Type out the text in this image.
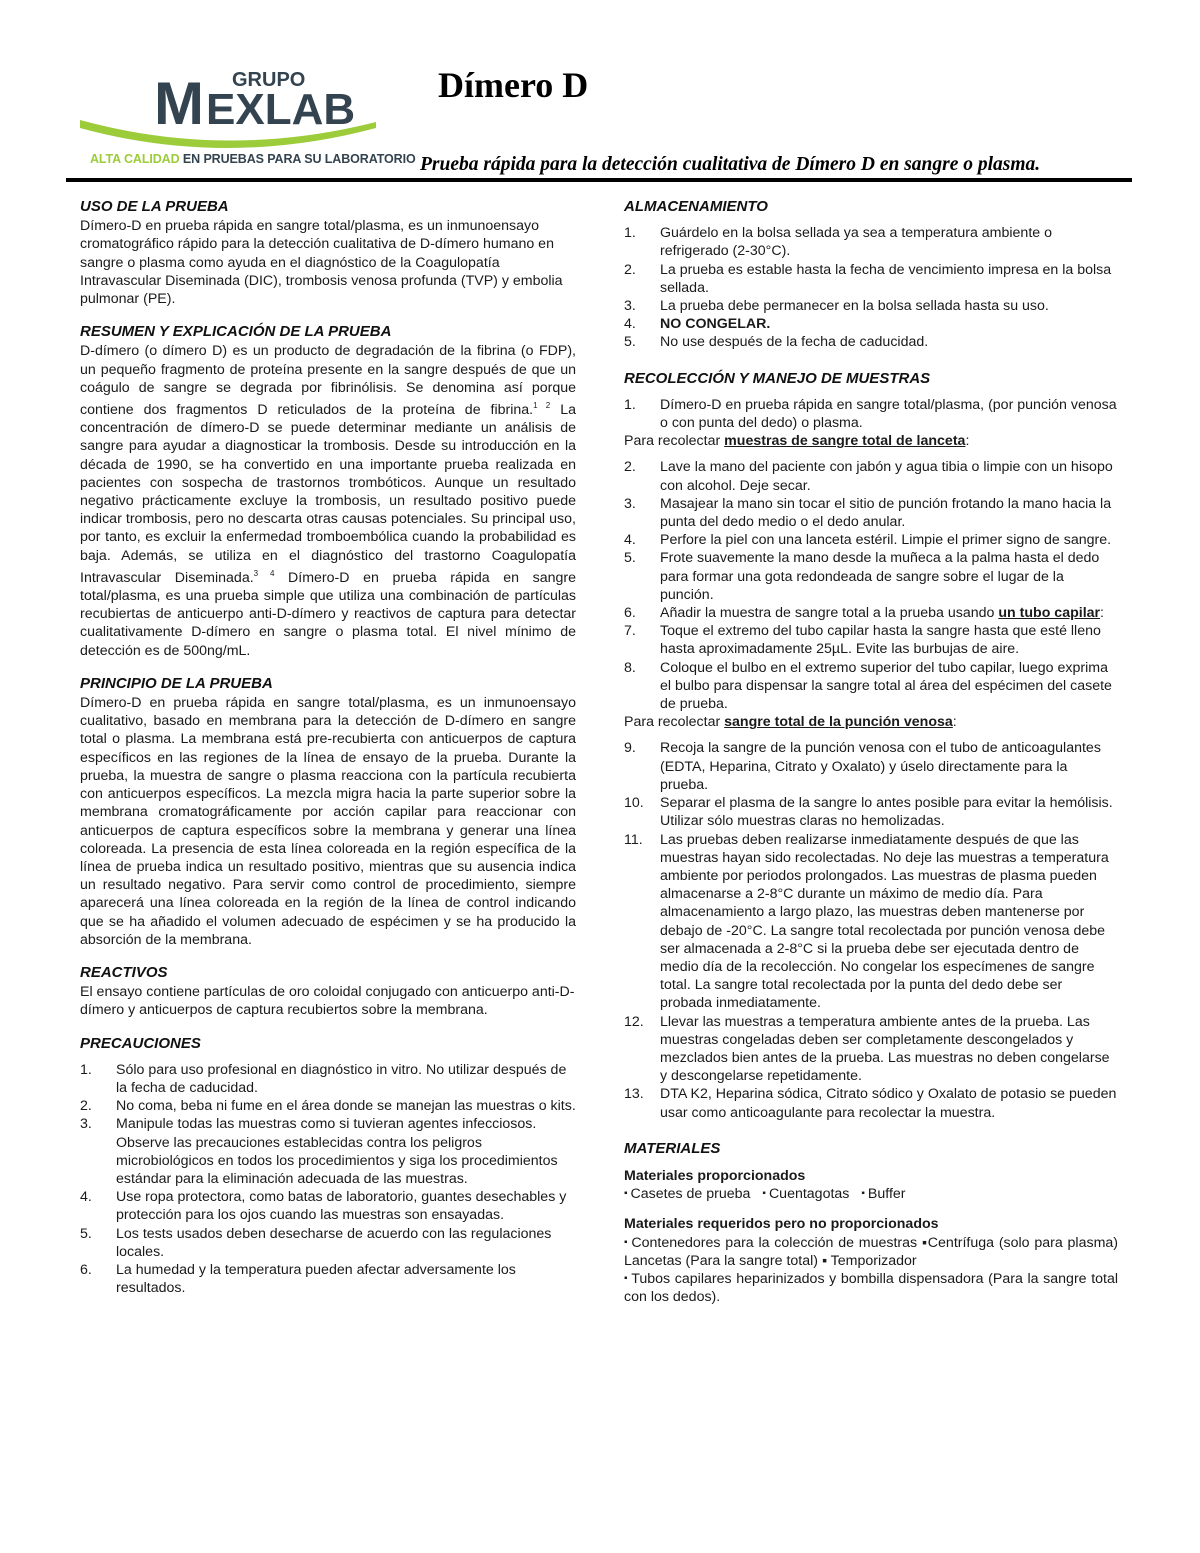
M GRUPO
EXLAB
ALTA CALIDAD EN PRUEBAS PARA SU LABORATORIO
Dímero D

Prueba rápida para la detección cualitativa de Dímero D en sangre o plasma.

USO DE LA PRUEBA

Dímero-D en prueba rápida en sangre total/plasma, es un inmunoensayo cromatográfico rápido para la detección cualitativa de D-dímero humano en sangre o plasma como ayuda en el diagnóstico de la Coagulopatía Intravascular Diseminada (DIC), trombosis venosa profunda (TVP) y embolia pulmonar (PE).

RESUMEN Y EXPLICACIÓN DE LA PRUEBA

D-dímero (o dímero D) es un producto de degradación de la fibrina (o FDP), un pequeño fragmento de proteína presente en la sangre después de que un coágulo de sangre se degrada por fibrinólisis. Se denomina así porque contiene dos fragmentos D reticulados de la proteína de fibrina.$^{1 2}$ La concentración de dímero-D se puede determinar mediante un análisis de sangre para ayudar a diagnosticar la trombosis. Desde su introducción en la década de 1990, se ha convertido en una importante prueba realizada en pacientes con sospecha de trastornos trombóticos. Aunque un resultado negativo prácticamente excluye la trombosis, un resultado positivo puede indicar trombosis, pero no descarta otras causas potenciales. Su principal uso, por tanto, es excluir la enfermedad tromboembólica cuando la probabilidad es baja. Además, se utiliza en el diagnóstico del trastorno Coagulopatía Intravascular Diseminada.$^{3 4}$ Dímero-D en prueba rápida en sangre total/plasma, es una prueba simple que utiliza una combinación de partículas recubiertas de anticuerpo anti-D-dímero y reactivos de captura para detectar cualitativamente D-dímero en sangre o plasma total. El nivel mínimo de detección es de 500ng/mL.

PRINCIPIO DE LA PRUEBA

Dímero-D en prueba rápida en sangre total/plasma, es un inmunoensayo cualitativo, basado en membrana para la detección de D-dímero en sangre total o plasma. La membrana está pre-recubierta con anticuerpos de captura específicos en las regiones de la línea de ensayo de la prueba. Durante la prueba, la muestra de sangre o plasma reacciona con la partícula recubierta con anticuerpos específicos. La mezcla migra hacia la parte superior sobre la membrana cromatográficamente por acción capilar para reaccionar con anticuerpos de captura específicos sobre la membrana y generar una línea coloreada. La presencia de esta línea coloreada en la región específica de la línea de prueba indica un resultado positivo, mientras que su ausencia indica un resultado negativo. Para servir como control de procedimiento, siempre aparecerá una línea coloreada en la región de la línea de control indicando que se ha añadido el volumen adecuado de espécimen y se ha producido la absorción de la membrana.

REACTIVOS

El ensayo contiene partículas de oro coloidal conjugado con anticuerpo anti-D-dímero y anticuerpos de captura recubiertos sobre la membrana.

PRECAUCIONES
1. Sólo para uso profesional en diagnóstico in vitro. No utilizar después de la fecha de caducidad.
2. No coma, beba ni fume en el área donde se manejan las muestras o kits.
3. Manipule todas las muestras como si tuvieran agentes infecciosos. Observe las precauciones establecidas contra los peligros microbiológicos en todos los procedimientos y siga los procedimientos estándar para la eliminación adecuada de las muestras.
4. Use ropa protectora, como batas de laboratorio, guantes desechables y protección para los ojos cuando las muestras son ensayadas.
5. Los tests usados deben desecharse de acuerdo con las regulaciones locales.
6. La humedad y la temperatura pueden afectar adversamente los resultados.
ALMACENAMIENTO
1. Guárdelo en la bolsa sellada ya sea a temperatura ambiente o refrigerado (2-30°C).
2. La prueba es estable hasta la fecha de vencimiento impresa en la bolsa sellada.
3. La prueba debe permanecer en la bolsa sellada hasta su uso.
4. NO CONGELAR.
5. No use después de la fecha de caducidad.
RECOLECCIÓN Y MANEJO DE MUESTRAS
1. Dímero-D en prueba rápida en sangre total/plasma, (por punción venosa o con punta del dedo) o plasma.

Para recolectar muestras de sangre total de lanceta:

2. Lave la mano del paciente con jabón y agua tibia o limpie con un hisopo con alcohol. Deje secar.
3. Masajear la mano sin tocar el sitio de punción frotando la mano hacia la punta del dedo medio o el dedo anular.
4. Perfore la piel con una lanceta estéril. Limpie el primer signo de sangre.
5. Frote suavemente la mano desde la muñeca a la palma hasta el dedo para formar una gota redondeada de sangre sobre el lugar de la punción.
6. Añadir la muestra de sangre total a la prueba usando un tubo capilar:
7. Toque el extremo del tubo capilar hasta la sangre hasta que esté lleno hasta aproximadamente 25µL. Evite las burbujas de aire.
8. Coloque el bulbo en el extremo superior del tubo capilar, luego exprima el bulbo para dispensar la sangre total al área del espécimen del casete de prueba.

Para recolectar sangre total de la punción venosa:

9. Recoja la sangre de la punción venosa con el tubo de anticoagulantes (EDTA, Heparina, Citrato y Oxalato) y úselo directamente para la prueba.
10. Separar el plasma de la sangre lo antes posible para evitar la hemólisis. Utilizar sólo muestras claras no hemolizadas.
11. Las pruebas deben realizarse inmediatamente después de que las muestras hayan sido recolectadas. No deje las muestras a temperatura ambiente por periodos prolongados. Las muestras de plasma pueden almacenarse a 2-8°C durante un máximo de medio día. Para almacenamiento a largo plazo, las muestras deben mantenerse por debajo de -20°C. La sangre total recolectada por punción venosa debe ser almacenada a 2-8°C si la prueba debe ser ejecutada dentro de medio día de la recolección. No congelar los especímenes de sangre total. La sangre total recolectada por la punta del dedo debe ser probada inmediatamente.
12. Llevar las muestras a temperatura ambiente antes de la prueba. Las muestras congeladas deben ser completamente descongelados y mezclados bien antes de la prueba. Las muestras no deben congelarse y descongelarse repetidamente.
13. DTA K2, Heparina sódica, Citrato sódico y Oxalato de potasio se pueden usar como anticoagulante para recolectar la muestra.
MATERIALES

Materiales proporcionados

▪ Casetes de prueba ▪ Cuentagotas ▪ Buffer

Materiales requeridos pero no proporcionados

▪ Contenedores para la colección de muestras ▪Centrífuga (solo para plasma) Lancetas (Para la sangre total) ▪ Temporizador

▪ Tubos capilares heparinizados y bombilla dispensadora (Para la sangre total con los dedos).
